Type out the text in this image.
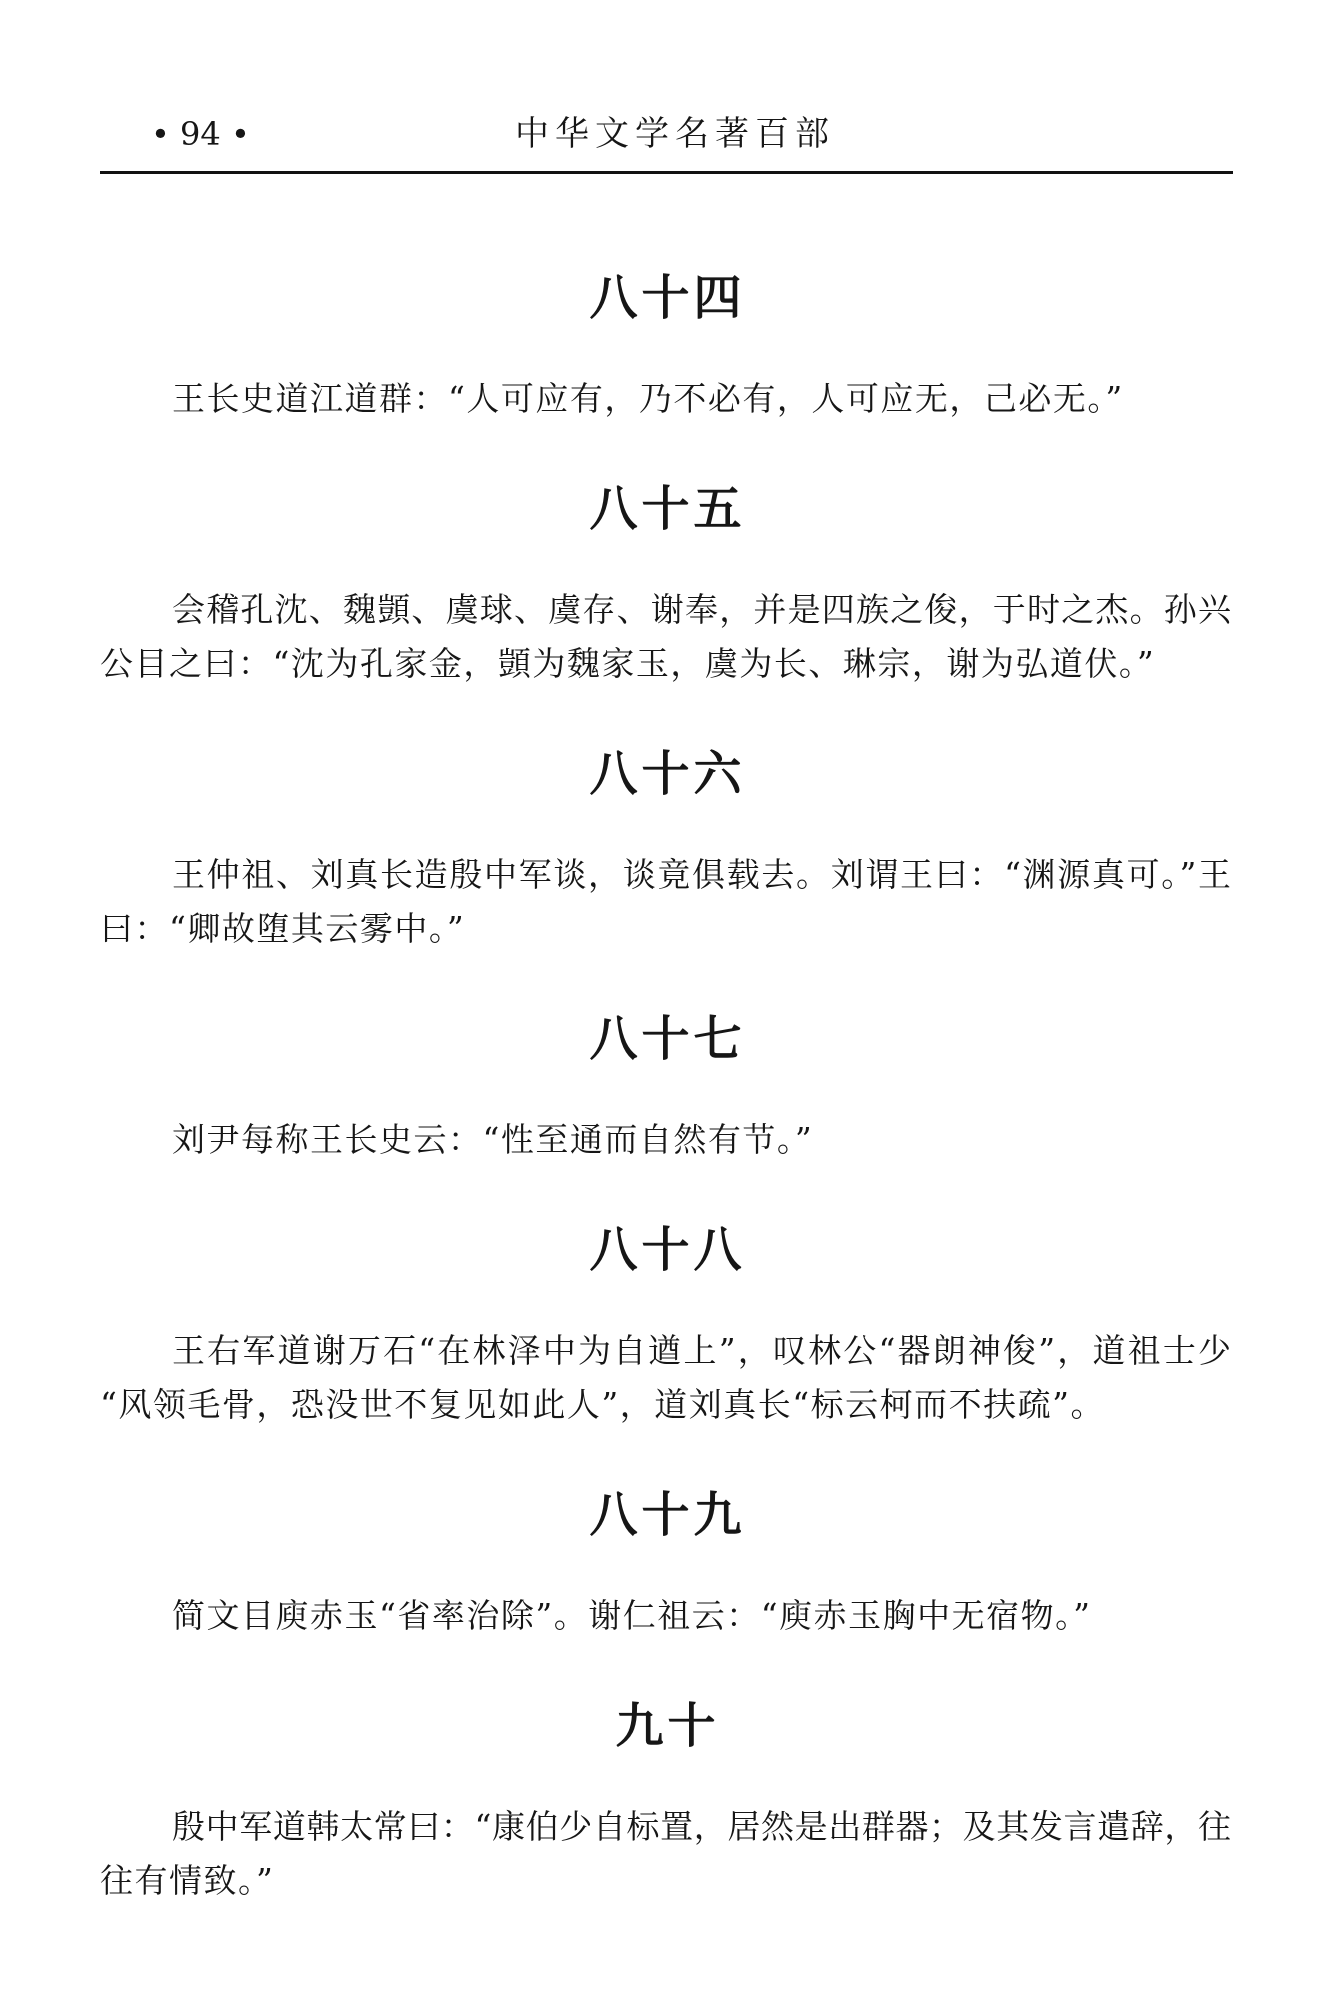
• 94 •	中华文学名著百部
八十四

王长史道江道群：“人可应有，乃不必有，人可应无，己必无。”

八十五

会稽孔沈、魏顗、虞球、虞存、谢奉，并是四族之俊，于时之杰。孙兴
公目之曰：“沈为孔家金，顗为魏家玉，虞为长、琳宗，谢为弘道伏。”

八十六

王仲祖、刘真长造殷中军谈，谈竟俱载去。刘谓王曰：“渊源真可。”王
曰：“卿故堕其云雾中。”

八十七

刘尹每称王长史云：“性至通而自然有节。”

八十八

王右军道谢万石“在林泽中为自遒上”，叹林公“器朗神俊”，道祖士少
“风领毛骨，恐没世不复见如此人”，道刘真长“标云柯而不扶疏”。

八十九

简文目庾赤玉“省率治除”。谢仁祖云：“庾赤玉胸中无宿物。”

九十

殷中军道韩太常曰：“康伯少自标置，居然是出群器；及其发言遣辞，往
往有情致。”
